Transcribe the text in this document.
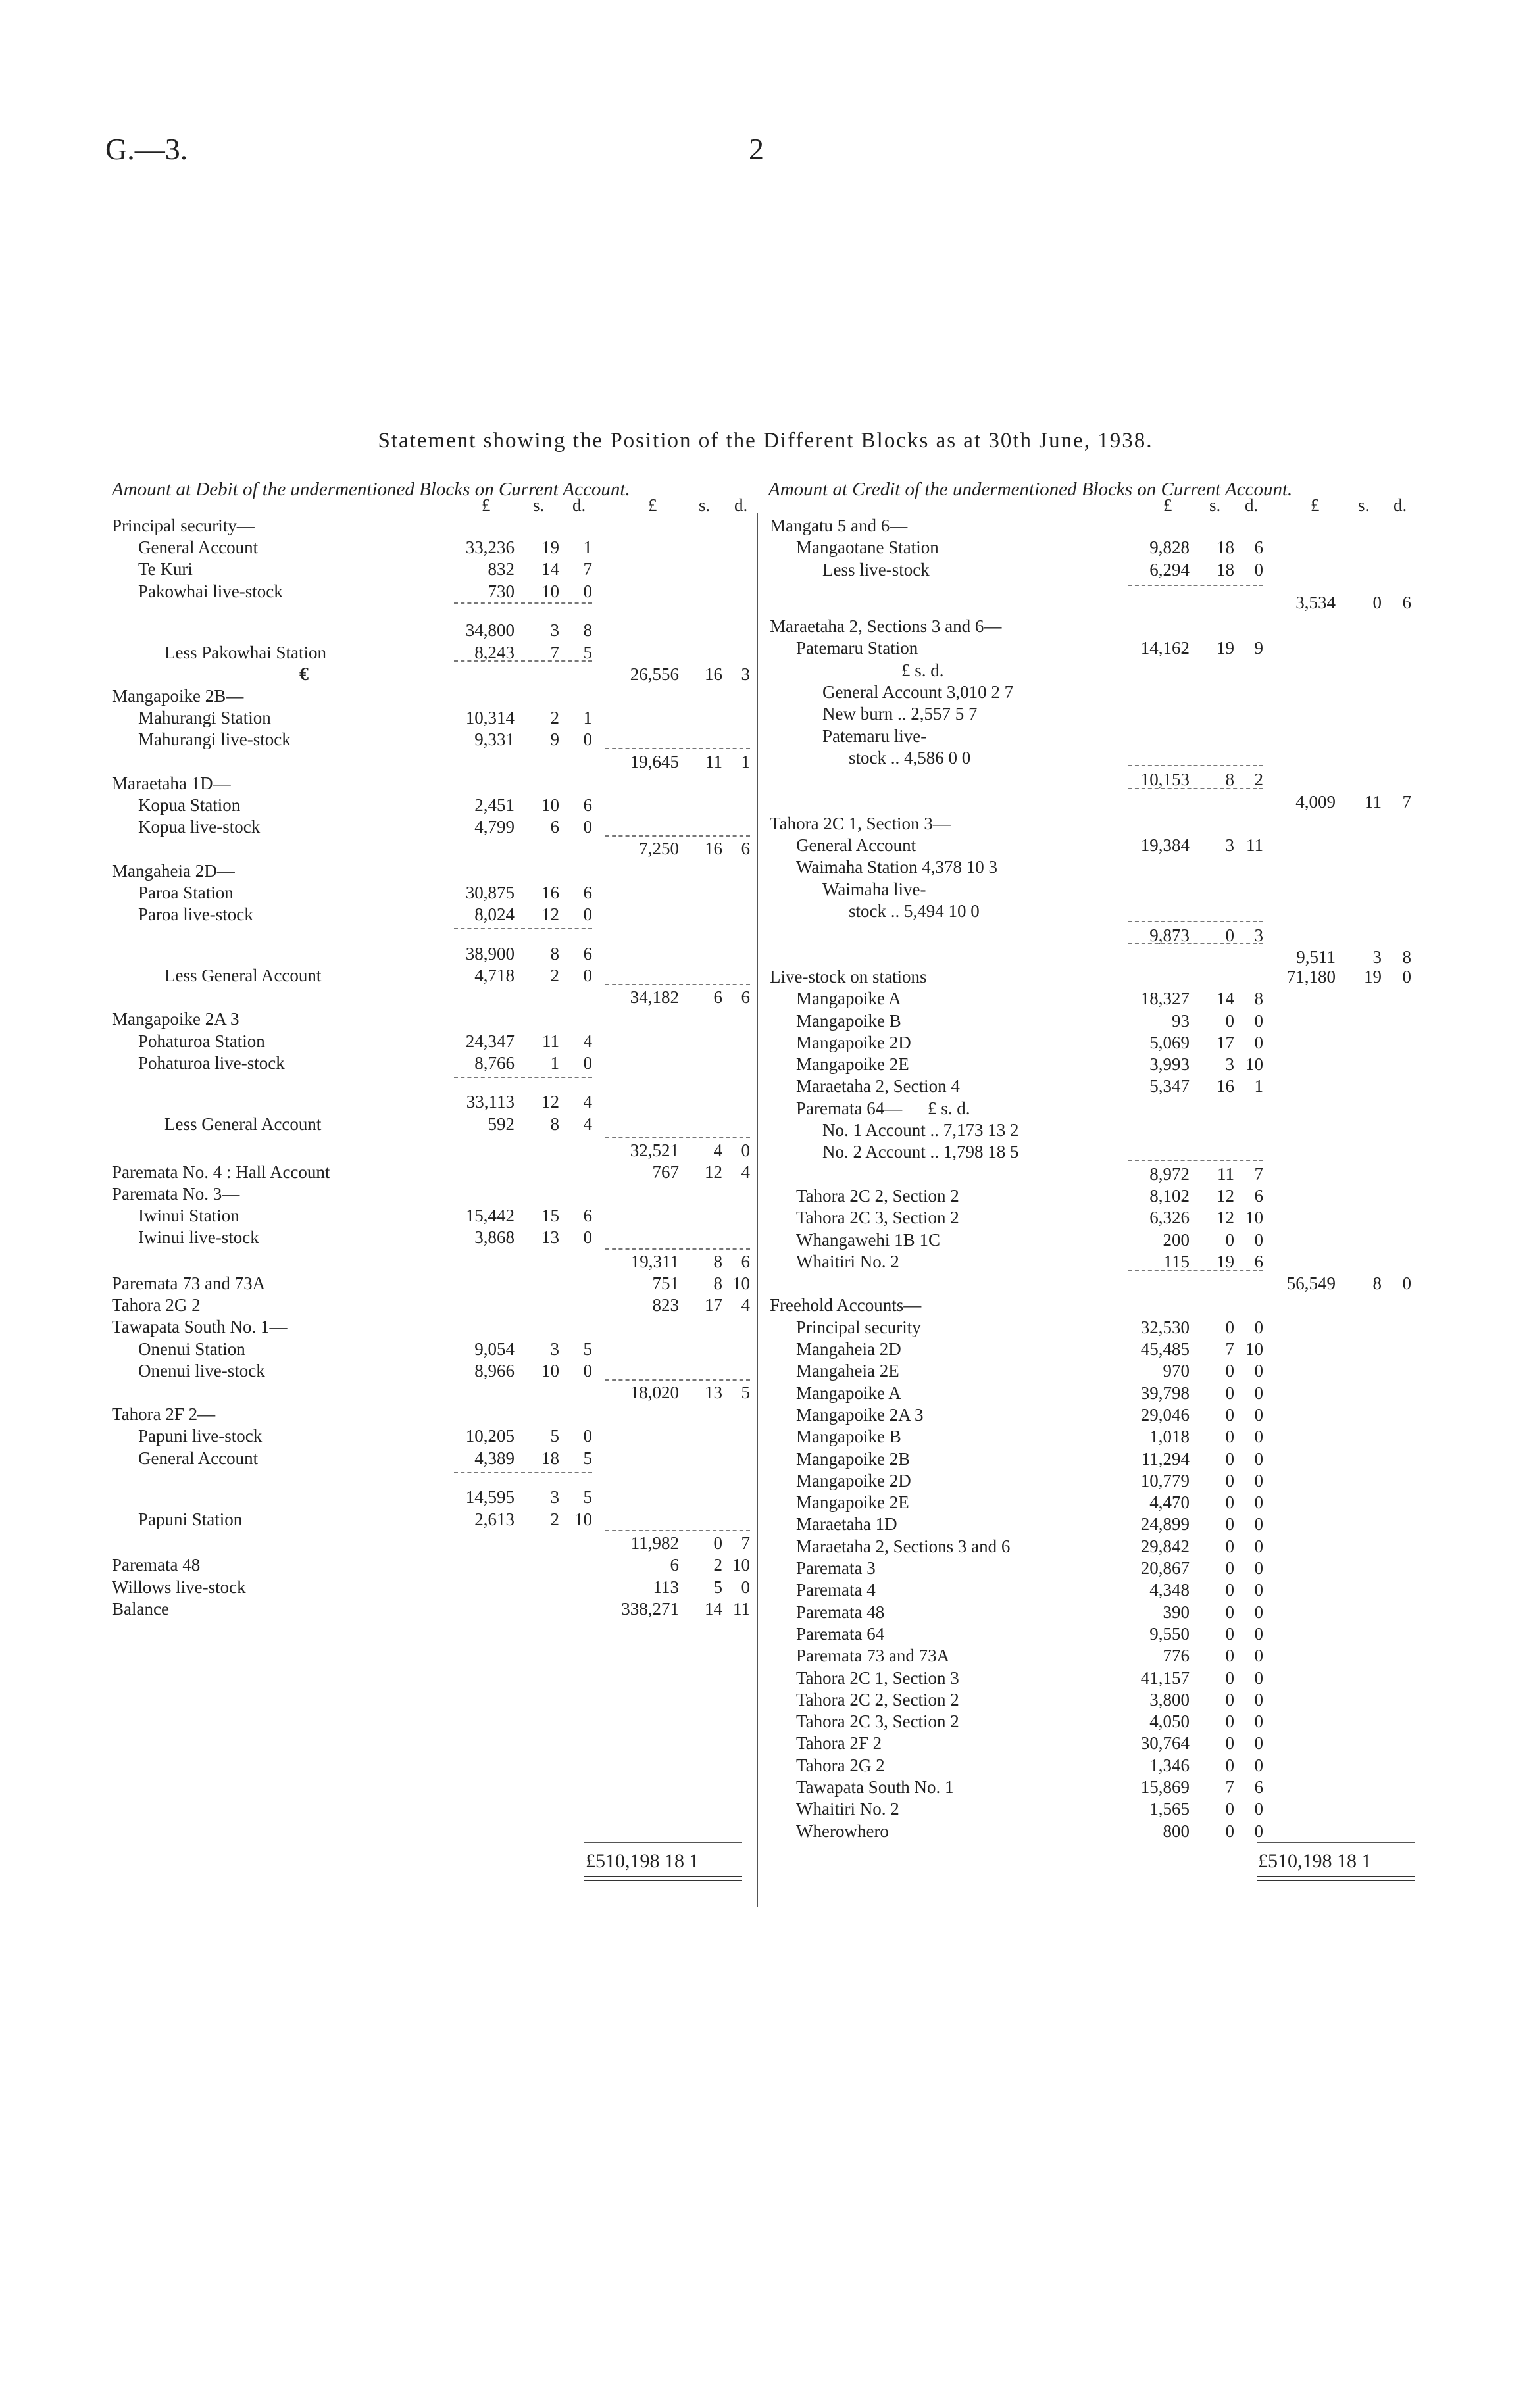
G.—3.	2
Statement showing the Position of the Different Blocks as at 30th June, 1938.
Amount at Debit of the undermentioned Blocks on Current Account.	Amount at Credit of the undermentioned Blocks on Current Account.
£ s. d.	£ s. d.	£ s. d.	£ s. d.
Principal security—
General Account	33,236	19	1
Te Kuri	832	14	7
Pakowhai live-stock	730	10	0
34,800	3	8
Less Pakowhai Station	8,243	7	5
26,556	16	3
Mangapoike 2B—
Mahurangi Station	10,314	2	1
Mahurangi live-stock	9,331	9	0
19,645	11	1
Maraetaha 1D—
Kopua Station	2,451	10	6
Kopua live-stock	4,799	6	0
7,250	16	6
Mangaheia 2D—
Paroa Station	30,875	16	6
Paroa live-stock	8,024	12	0
38,900	8	6
Less General Account	4,718	2	0
34,182	6	6
Mangapoike 2A 3
Pohaturoa Station	24,347	11	4
Pohaturoa live-stock	8,766	1	0
33,113	12	4
Less General Account	592	8	4
32,521	4	0
Paremata No. 4 : Hall Account	767	12	4
Paremata No. 3—
Iwinui Station	15,442	15	6
Iwinui live-stock	3,868	13	0
19,311	8	6
Paremata 73 and 73A	751	8 10
Tahora 2G 2	823	17	4
Tawapata South No. 1—
Onenui Station	9,054	3	5
Onenui live-stock	8,966	10	0
18,020	13	5
Tahora 2F 2—
Papuni live-stock	10,205	5	0
General Account	4,389	18	5
14,595	3	5
Papuni Station	2,613	2 10
11,982	0	7
Paremata 48	6	2 10
Willows live-stock	113	5	0
Balance	338,271	14 11
Mangatu 5 and 6—
Mangaotane Station	9,828	18	6
Less live-stock	6,294	18	0
3,534	0	6
Maraetaha 2, Sections 3 and 6—
Patemaru Station	14,162	19	9
£ s. d.
General Account 3,010 2 7
New burn .. 2,557 5 7
Patemaru live-
stock .. 4,586 0 0
10,153	8	2
4,009	11	7
Tahora 2C 1, Section 3—
General Account	19,384	3 11
Waimaha Station 4,378 10 3
Waimaha live-
stock .. 5,494 10 0
9,873	0	3
9,511	3	8
Live-stock on stations	71,180	19	0
Mangapoike A	18,327	14	8
Mangapoike B	93	0	0
Mangapoike 2D	5,069	17	0
Mangapoike 2E	3,993	3 10
Maraetaha 2, Section 4	5,347	16	1
Paremata 64— £ s. d.
No. 1 Account .. 7,173 13 2
No. 2 Account .. 1,798 18 5
8,972	11	7
Tahora 2C 2, Section 2	8,102	12	6
Tahora 2C 3, Section 2	6,326	12 10
Whangawehi 1B 1C	200	0	0
Whaitiri No. 2	115	19	6
56,549	8	0
Freehold Accounts—
Principal security	32,530	0	0
Mangaheia 2D	45,485	7 10
Mangaheia 2E	970	0	0
Mangapoike A	39,798	0	0
Mangapoike 2A 3	29,046	0	0
Mangapoike B	1,018	0	0
Mangapoike 2B	11,294	0	0
Mangapoike 2D	10,779	0	0
Mangapoike 2E	4,470	0	0
Maraetaha 1D	24,899	0	0
Maraetaha 2, Sections 3 and 6	29,842	0	0
Paremata 3	20,867	0	0
Paremata 4	4,348	0	0
Paremata 48	390	0	0
Paremata 64	9,550	0	0
Paremata 73 and 73A	776	0	0
Tahora 2C 1, Section 3	41,157	0	0
Tahora 2C 2, Section 2	3,800	0	0
Tahora 2C 3, Section 2	4,050	0	0
Tahora 2F 2	30,764	0	0
Tahora 2G 2	1,346	0	0
Tawapata South No. 1	15,869	7	6
Whaitiri No. 2	1,565	0	0
Wherowhero	800	0	0
£510,198 18 1	£510,198 18 1
€
